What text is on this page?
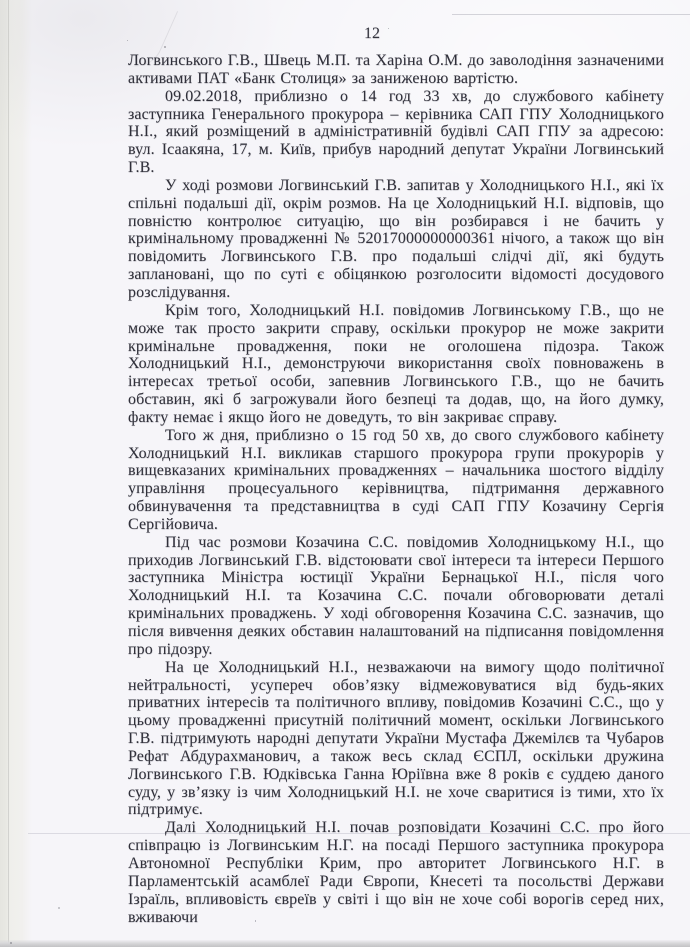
12

Логвинського Г.В., Швець М.П. та Харіна О.М. до заволодіння зазначеними активами ПАТ «Банк Столиця» за заниженою вартістю.

09.02.2018, приблизно о 14 год 33 хв, до службового кабінету заступника Генерального прокурора – керівника САП ГПУ Холодницького Н.І., який розміщений в адміністративній будівлі САП ГПУ за адресою: вул. Ісаакяна, 17, м. Київ, прибув народний депутат України Логвинський Г.В.

У ході розмови Логвинський Г.В. запитав у Холодницького Н.І., які їх спільні подальші дії, окрім розмов. На це Холодницький Н.І. відповів, що повністю контролює ситуацію, що він розбирався і не бачить у кримінальному провадженні № 52017000000000361 нічого, а також що він повідомить Логвинського Г.В. про подальші слідчі дії, які будуть заплановані, що по суті є обіцянкою розголосити відомості досудового розслідування.

Крім того, Холодницький Н.І. повідомив Логвинському Г.В., що не може так просто закрити справу, оскільки прокурор не може закрити кримінальне провадження, поки не оголошена підозра. Також Холодницький Н.І., демонструючи використання своїх повноважень в інтересах третьої особи, запевнив Логвинського Г.В., що не бачить обставин, які б загрожували його безпеці та додав, що, на його думку, факту немає і якщо його не доведуть, то він закриває справу.

Того ж дня, приблизно о 15 год 50 хв, до свого службового кабінету Холодницький Н.І. викликав старшого прокурора групи прокурорів у вищевказаних кримінальних провадженнях – начальника шостого відділу управління процесуального керівництва, підтримання державного обвинувачення та представництва в суді САП ГПУ Козачину Сергія Сергійовича.

Під час розмови Козачина С.С. повідомив Холодницькому Н.І., що приходив Логвинський Г.В. відстоювати свої інтереси та інтереси Першого заступника Міністра юстиції України Бернацької Н.І., після чого Холодницький Н.І. та Козачина С.С. почали обговорювати деталі кримінальних проваджень. У ході обговорення Козачина С.С. зазначив, що після вивчення деяких обставин налаштований на підписання повідомлення про підозру.

На це Холодницький Н.І., незважаючи на вимогу щодо політичної нейтральності, усупереч обов’язку відмежовуватися від будь-яких приватних інтересів та політичного впливу, повідомив Козачині С.С., що у цьому провадженні присутній політичний момент, оскільки Логвинського Г.В. підтримують народні депутати України Мустафа Джемілєв та Чубаров Рефат Абдурахманович, а також весь склад ЄСПЛ, оскільки дружина Логвинського Г.В. Юдківська Ганна Юріївна вже 8 років є суддею даного суду, у зв’язку із чим Холодницький Н.І. не хоче сваритися із тими, хто їх підтримує.

Далі Холодницький Н.І. почав розповідати Козачині С.С. про його співпрацю із Логвинським Н.Г. на посаді Першого заступника прокурора Автономної Республіки Крим, про авторитет Логвинського Н.Г. в Парламентській асамблеї Ради Європи, Кнесеті та посольстві Держави Ізраїль, впливовість євреїв у світі і що він не хоче собі ворогів серед них, вживаючи
